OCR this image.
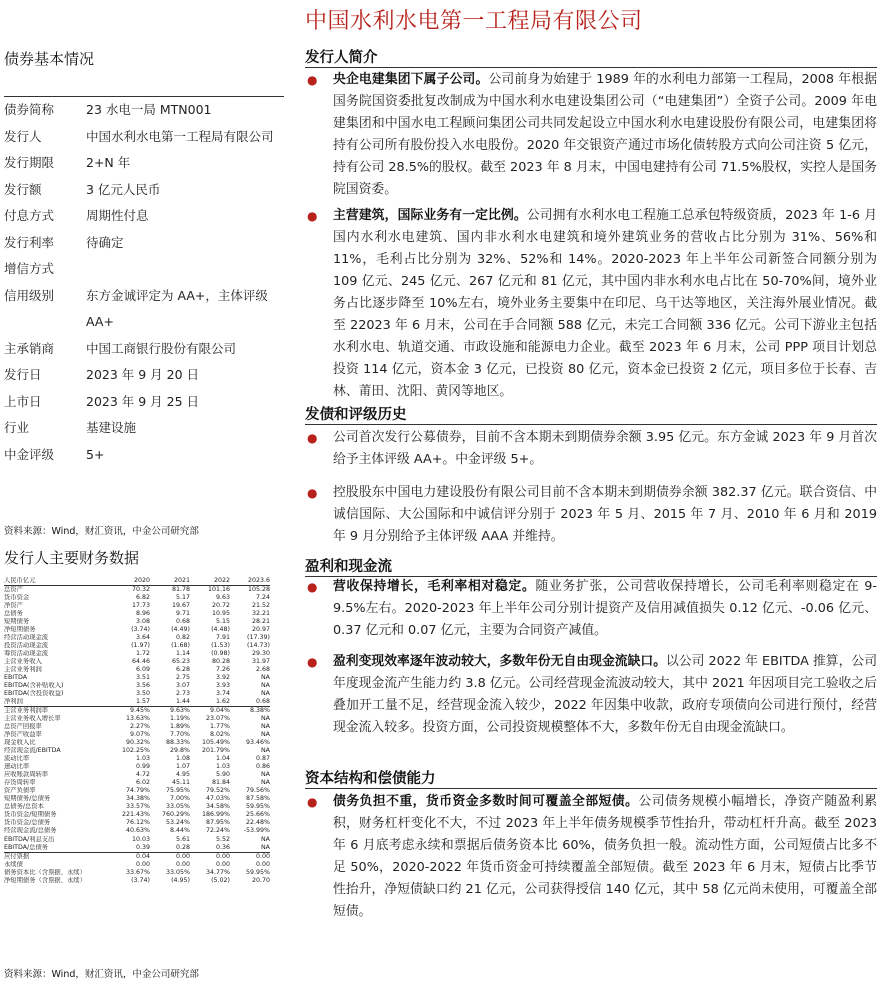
中国水利水电第一工程局有限公司
债券基本情况
债券简称	23 水电一局 MTN001
发行人	中国水利水电第一工程局有限公司
发行期限	2+N 年
发行额	3 亿元人民币
付息方式	周期性付息
发行利率	待确定
增信方式
信用级别	东方金诚评定为 AA+，主体评级 AA+
主承销商	中国工商银行股份有限公司
发行日	2023 年 9 月 20 日
上市日	2023 年 9 月 25 日
行业	基建设施
中金评级	5+
资料来源：Wind，财汇资讯，中金公司研究部
发行人主要财务数据
人民币亿元	2020	2021	2022	2023.6
总资产	70.32	81.78	101.16	105.28
货币资金	6.82	5.17	9.63	7.24
净资产	17.73	19.67	20.72	21.52
总债务	8.96	9.71	10.95	32.21
短期债务	3.08	0.68	5.15	28.21
净短期债务	(3.74)	(4.49)	(4.48)	20.97
经营活动现金流	3.64	0.82	7.91	(17.39)
投资活动现金流	(1.97)	(1.68)	(1.53)	(14.73)
筹资活动现金流	1.72	1.14	(0.98)	29.30
主营业务收入	64.46	65.23	80.28	31.97
主营业务利润	6.09	6.28	7.26	2.68
EBITDA	3.51	2.75	3.92	NA
EBITDA(含补贴收入)	3.56	3.07	3.93	NA
EBITDA(含投资收益)	3.50	2.73	3.74	NA
净利润	1.57	1.44	1.62	0.68
主营业务利润率	9.45%	9.63%	9.04%	8.38%
主营业务收入增长率	13.63%	1.19%	23.07%	NA
总资产回报率	2.27%	1.89%	1.77%	NA
净资产收益率	9.07%	7.70%	8.02%	NA
现金收入比	90.32%	88.33%	105.49%	93.46%
经营现金流/EBITDA	102.25%	29.8%	201.79%	NA
流动比率	1.03	1.08	1.04	0.87
速动比率	0.99	1.07	1.03	0.86
应收账款周转率	4.72	4.95	5.90	NA
存货周转率	6.02	45.11	81.84	NA
资产负债率	74.79%	75.95%	79.52%	79.56%
短期债务/总债务	34.38%	7.00%	47.03%	87.58%
总债务/总资本	33.57%	33.05%	34.58%	59.95%
货币资金/短期债务	221.43%	760.29%	186.99%	25.66%
货币资金/总债务	76.12%	53.24%	87.95%	22.48%
经营现金流/总债务	40.63%	8.44%	72.24%	-53.99%
EBITDA/利息支出	10.03	5.61	5.52	NA
EBITDA/总债务	0.39	0.28	0.36	NA
应付票据	0.04	0.00	0.00	0.00
永续债	0.00	0.00	0.00	0.00
债务资本比（含票据、永续）	33.67%	33.05%	34.77%	59.95%
净短期债务（含票据、永续）	(3.74)	(4.95)	(5.02)	20.70
资料来源：Wind，财汇资讯，中金公司研究部
发行人简介
● 央企电建集团下属子公司。公司前身为始建于 1989 年的水利电力部第一工程局，2008 年根据国务院国资委批复改制成为中国水利水电建设集团公司（“电建集团”）全资子公司。2009 年电建集团和中国水电工程顾问集团公司共同发起设立中国水利水电建设股份有限公司，电建集团将持有公司所有股份投入水电股份。2020 年交银资产通过市场化债转股方式向公司注资 5 亿元，持有公司 28.5%的股权。截至 2023 年 8 月末，中国电建持有公司 71.5%股权，实控人是国务院国资委。
● 主营建筑，国际业务有一定比例。公司拥有水利水电工程施工总承包特级资质，2023 年 1-6 月国内水利水电建筑、国内非水利水电建筑和境外建筑业务的营收占比分别为 31%、56%和 11%，毛利占比分别为 32%、52%和 14%。2020-2023 年上半年公司新签合同额分别为 109 亿元、245 亿元、267 亿元和 81 亿元，其中国内非水利水电占比在 50-70%间，境外业务占比逐步降至 10%左右，境外业务主要集中在印尼、乌干达等地区，关注海外展业情况。截至 22023 年 6 月末，公司在手合同额 588 亿元，未完工合同额 336 亿元。公司下游业主包括水利水电、轨道交通、市政设施和能源电力企业。截至 2023 年 6 月末，公司 PPP 项目计划总投资 114 亿元，资本金 3 亿元，已投资 80 亿元，资本金已投资 2 亿元，项目多位于长春、吉林、莆田、沈阳、黄冈等地区。
发债和评级历史
● 公司首次发行公募债券，目前不含本期未到期债券余额 3.95 亿元。东方金诚 2023 年 9 月首次给予主体评级 AA+。中金评级 5+。
● 控股股东中国电力建设股份有限公司目前不含本期未到期债券余额 382.37 亿元。联合资信、中诚信国际、大公国际和中诚信评分别于 2023 年 5 月、2015 年 7 月、2010 年 6 月和 2019 年 9 月分别给予主体评级 AAA 并维持。
盈利和现金流
● 营收保持增长，毛利率相对稳定。随业务扩张，公司营收保持增长，公司毛利率则稳定在 9-9.5%左右。2020-2023 年上半年公司分别计提资产及信用减值损失 0.12 亿元、-0.06 亿元、0.37 亿元和 0.07 亿元，主要为合同资产减值。
● 盈利变现效率逐年波动较大，多数年份无自由现金流缺口。以公司 2022 年 EBITDA 推算，公司年度现金流产生能力约 3.8 亿元。公司经营现金流波动较大，其中 2021 年因项目完工验收之后叠加开工量不足，经营现金流入较少，2022 年因集中收款，政府专项债向公司进行预付，经营现金流入较多。投资方面，公司投资规模整体不大，多数年份无自由现金流缺口。
资本结构和偿债能力
● 债务负担不重，货币资金多数时间可覆盖全部短债。公司债务规模小幅增长，净资产随盈利累积，财务杠杆变化不大，不过 2023 年上半年债务规模季节性抬升，带动杠杆升高。截至 2023 年 6 月底考虑永续和票据后债务资本比 60%，债务负担一般。流动性方面，公司短债占比多不足 50%，2020-2022 年货币资金可持续覆盖全部短债。截至 2023 年 6 月末，短债占比季节性抬升，净短债缺口约 21 亿元，公司获得授信 140 亿元，其中 58 亿元尚未使用，可覆盖全部短债。
